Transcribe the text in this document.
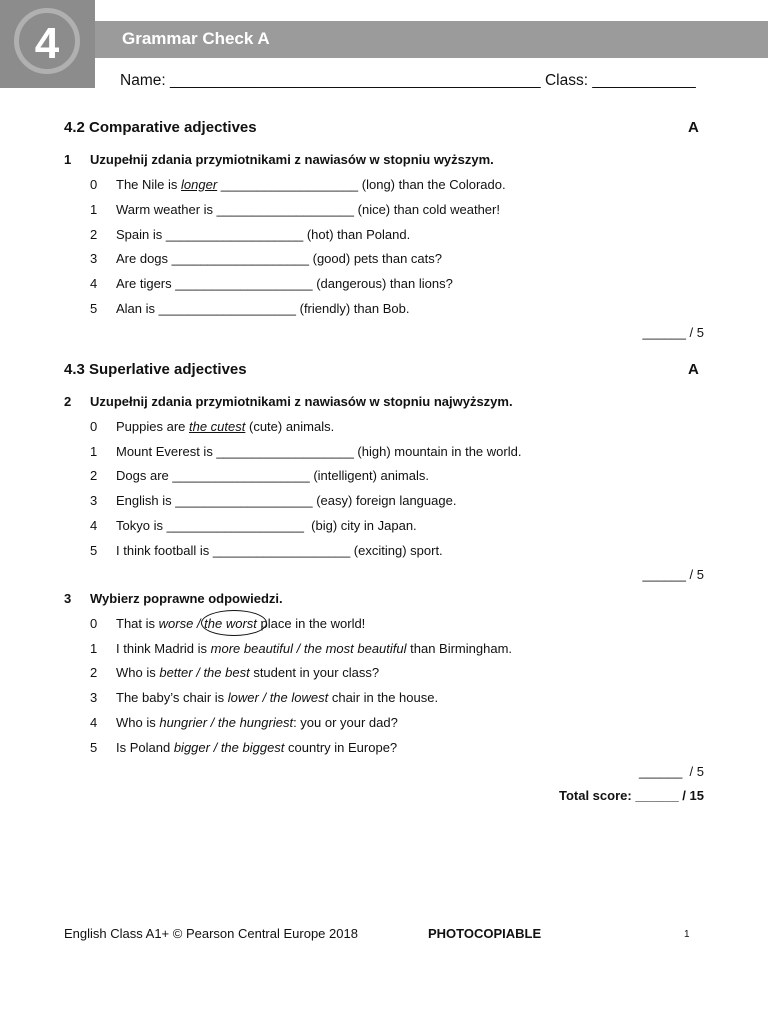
4	Grammar Check A
Name: ___________________________________________ Class: ____________
4.2 Comparative adjectives	A
1 Uzupełnij zdania przymiotnikami z nawiasów w stopniu wyższym.
0 The Nile is longer ___________________ (long) than the Colorado.
1 Warm weather is ___________________ (nice) than cold weather!
2 Spain is ___________________ (hot) than Poland.
3 Are dogs ___________________ (good) pets than cats?
4 Are tigers ___________________ (dangerous) than lions?
5 Alan is ___________________ (friendly) than Bob.
______ / 5
4.3 Superlative adjectives	A
2 Uzupełnij zdania przymiotnikami z nawiasów w stopniu najwyższym.
0 Puppies are the cutest (cute) animals.
1 Mount Everest is ___________________ (high) mountain in the world.
2 Dogs are ___________________ (intelligent) animals.
3 English is ___________________ (easy) foreign language.
4 Tokyo is ___________________  (big) city in Japan.
5 I think football is ___________________ (exciting) sport.
______ / 5
3 Wybierz poprawne odpowiedzi.
0 That is worse / the worst
place in the world!
1 I think Madrid is more beautiful / the most beautiful than Birmingham.
2 Who is better / the best student in your class?
3 The baby’s chair is lower / the lowest chair in the house.
4 Who is hungrier / the hungriest: you or your dad?
5 Is Poland bigger / the biggest country in Europe?
______  / 5
Total score: ______ / 15
English Class A1+ © Pearson Central Europe 2018	PHOTOCOPIABLE	1
